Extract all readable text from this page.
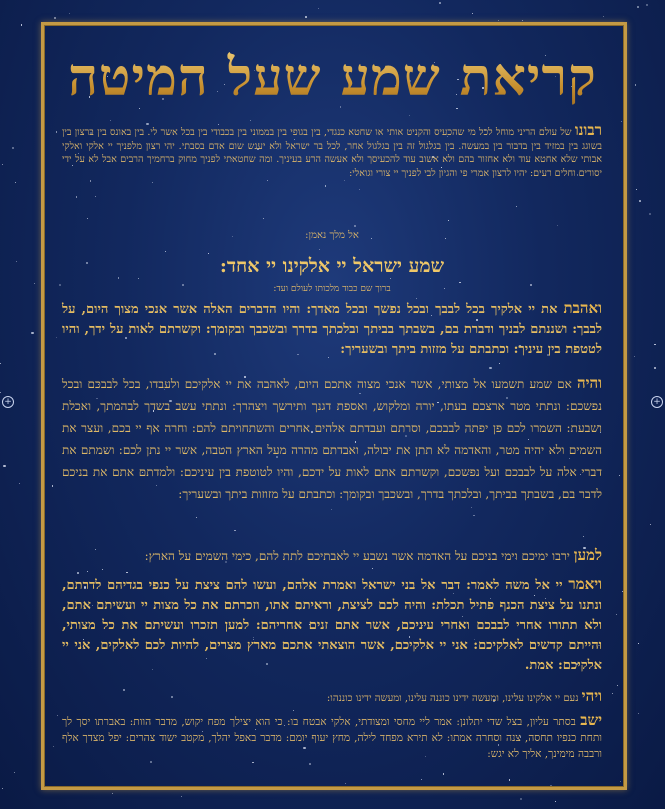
+	+
קריאת שמע שעל המיטה
רבונו של עולם הריני מוחל לכל מי שהכעיס והקניט אותי או שחטא כנגדי, בין בגופי בין בממוני בין בכבודי בין בכל אשר לי. בין באונס בין ברצון בין בשוגג בין במזיד בין בדבור בין במעשה. בין בגלגול זה בין בגלגול אחר, לכל בר ישראל ולא יענש שום אדם בסבתי. יהי רצון מלפניך יי אלקי ואלקי אבותי שלא אחטא עוד ולא אחזור בהם ולא אשוב עוד להכעיסך ולא אעשה הרע בעיניך. ומה שחטאתי לפניך מחוק ברחמיך הרבים אבל לא על ידי יסורים וחלים רעים: יהיו לרצון אמרי פי והגיון לבי לפניך יי צורי וגואלי:
אל מלך נאמן:
שמע ישראל יי אלקינו יי אחד:
ברוך שם כבוד מלכותו לעולם ועד:
ואהבת את יי אלקיך בכל לבבך ובכל נפשך ובכל מאדך: והיו הדברים האלה אשר אנכי מצוך היום, על לבבך: ושננתם לבניך ודברת בם, בשבתך בביתך ובלכתך בדרך ובשכבך ובקומך: וקשרתם לאות על ידך, והיו לטטפת בין עיניך: וכתבתם על מזזות ביתך ובשעריך:
והיה אם שמע תשמעו אל מצותי, אשר אנכי מצוה אתכם היום, לאהבה את יי אלקיכם ולעבדו, בכל לבבכם ובכל נפשכם: ונתתי מטר ארצכם בעתו, יורה ומלקוש, ואספת דגנך ותירשך ויצהרך: ונתתי עשב בשדך לבהמתך, ואכלת ושבעת: השמרו לכם פן יפתה לבבכם, וסרתם ועבדתם אלהים אחרים והשתחויתם להם: וחרה אף יי בכם, ועצר את השמים ולא יהיה מטר, והאדמה לא תתן את יבולה, ואבדתם מהרה מעל הארץ הטבה, אשר יי נתן לכם: ושמתם את דברי אלה על לבבכם ועל נפשכם, וקשרתם אתם לאות על ידכם, והיו לטוטפת בין עיניכם: ולמדתם אתם את בניכם לדבר בם, בשבתך בביתך, ובלכתך בדרך, ובשכבך ובקומך: וכתבתם על מזוזות ביתך ובשעריך:
למען ירבו ימיכם וימי בניכם על האדמה אשר נשבע יי לאבתיכם לתת להם, כימי השמים על הארץ:
ויאמר יי אל משה לאמר: דבר אל בני ישראל ואמרת אלהם, ועשו להם ציצת על כנפי בגדיהם לדרתם, ונתנו על ציצת הכנף פתיל תכלת: והיה לכם לציצת, וראיתם אתו, וזכרתם את כל מצות יי ועשיתם אתם, ולא תתורו אחרי לבבכם ואחרי עיניכם, אשר אתם זנים אחריהם: למען תזכרו ועשיתם את כל מצותי, והייתם קדשים לאלקיכם: אני יי אלקיכם, אשר הוצאתי אתכם מארץ מצרים, להיות לכם לאלקים, אני יי אלקיכם: אמת.
ויהי נעם יי אלקינו עלינו, ומעשה ידינו כוננה עלינו, ומעשה ידינו כוננהו:
ישב בסתר עליון, בצל שדי יתלונן: אמר ליי מחסי ומצודתי, אלקי אבטח בו: כי הוא יצילך מפח יקוש, מדבר הוות: באברתו יסך לך ותחת כנפיו תחסה, צנה וסחרה אמתו: לא תירא מפחד לילה, מחץ יעוף יומם: מדבר באפל יהלך, מקטב ישוד צהרים: יפל מצדך אלף ורבבה מימינך, אליך לא יגש:
